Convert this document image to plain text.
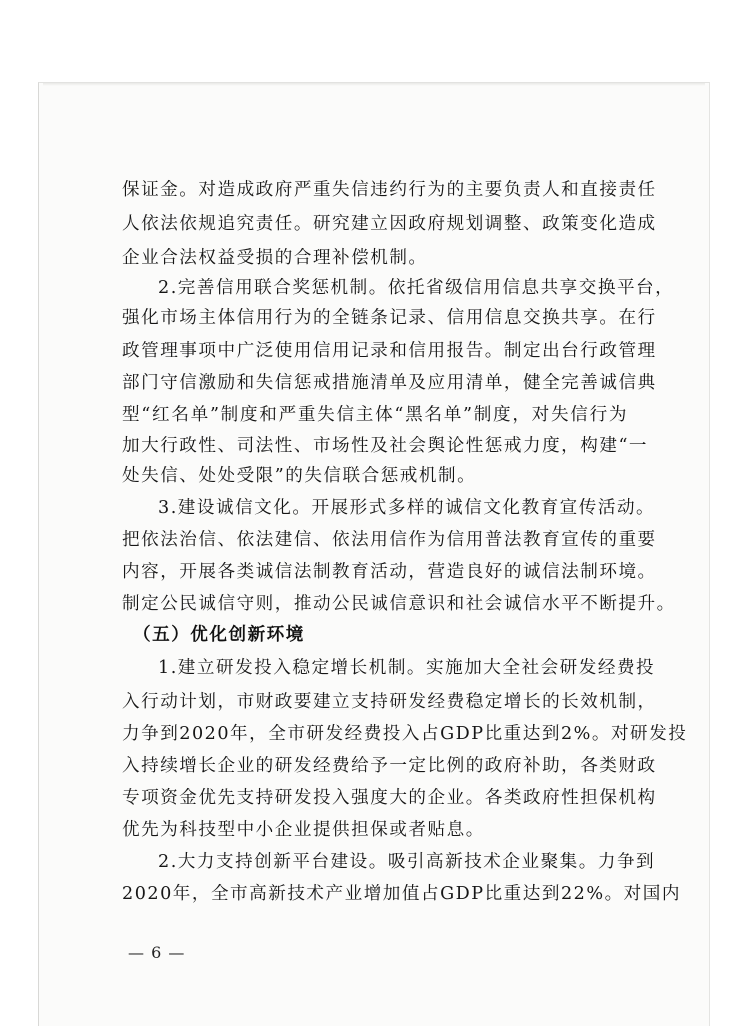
保证金。对造成政府严重失信违约行为的主要负责人和直接责任
人依法依规追究责任。研究建立因政府规划调整、政策变化造成
企业合法权益受损的合理补偿机制。
2.完善信用联合奖惩机制。依托省级信用信息共享交换平台，
强化市场主体信用行为的全链条记录、信用信息交换共享。在行
政管理事项中广泛使用信用记录和信用报告。制定出台行政管理
部门守信激励和失信惩戒措施清单及应用清单，健全完善诚信典
型“红名单”制度和严重失信主体“黑名单”制度，对失信行为
加大行政性、司法性、市场性及社会舆论性惩戒力度，构建“一
处失信、处处受限”的失信联合惩戒机制。
3.建设诚信文化。开展形式多样的诚信文化教育宣传活动。
把依法治信、依法建信、依法用信作为信用普法教育宣传的重要
内容，开展各类诚信法制教育活动，营造良好的诚信法制环境。
制定公民诚信守则，推动公民诚信意识和社会诚信水平不断提升。
（五）优化创新环境
1.建立研发投入稳定增长机制。实施加大全社会研发经费投
入行动计划，市财政要建立支持研发经费稳定增长的长效机制，
力争到2020年，全市研发经费投入占GDP比重达到2%。对研发投
入持续增长企业的研发经费给予一定比例的政府补助，各类财政
专项资金优先支持研发投入强度大的企业。各类政府性担保机构
优先为科技型中小企业提供担保或者贴息。
2.大力支持创新平台建设。吸引高新技术企业聚集。力争到
2020年，全市高新技术产业增加值占GDP比重达到22%。对国内
— 6 —
